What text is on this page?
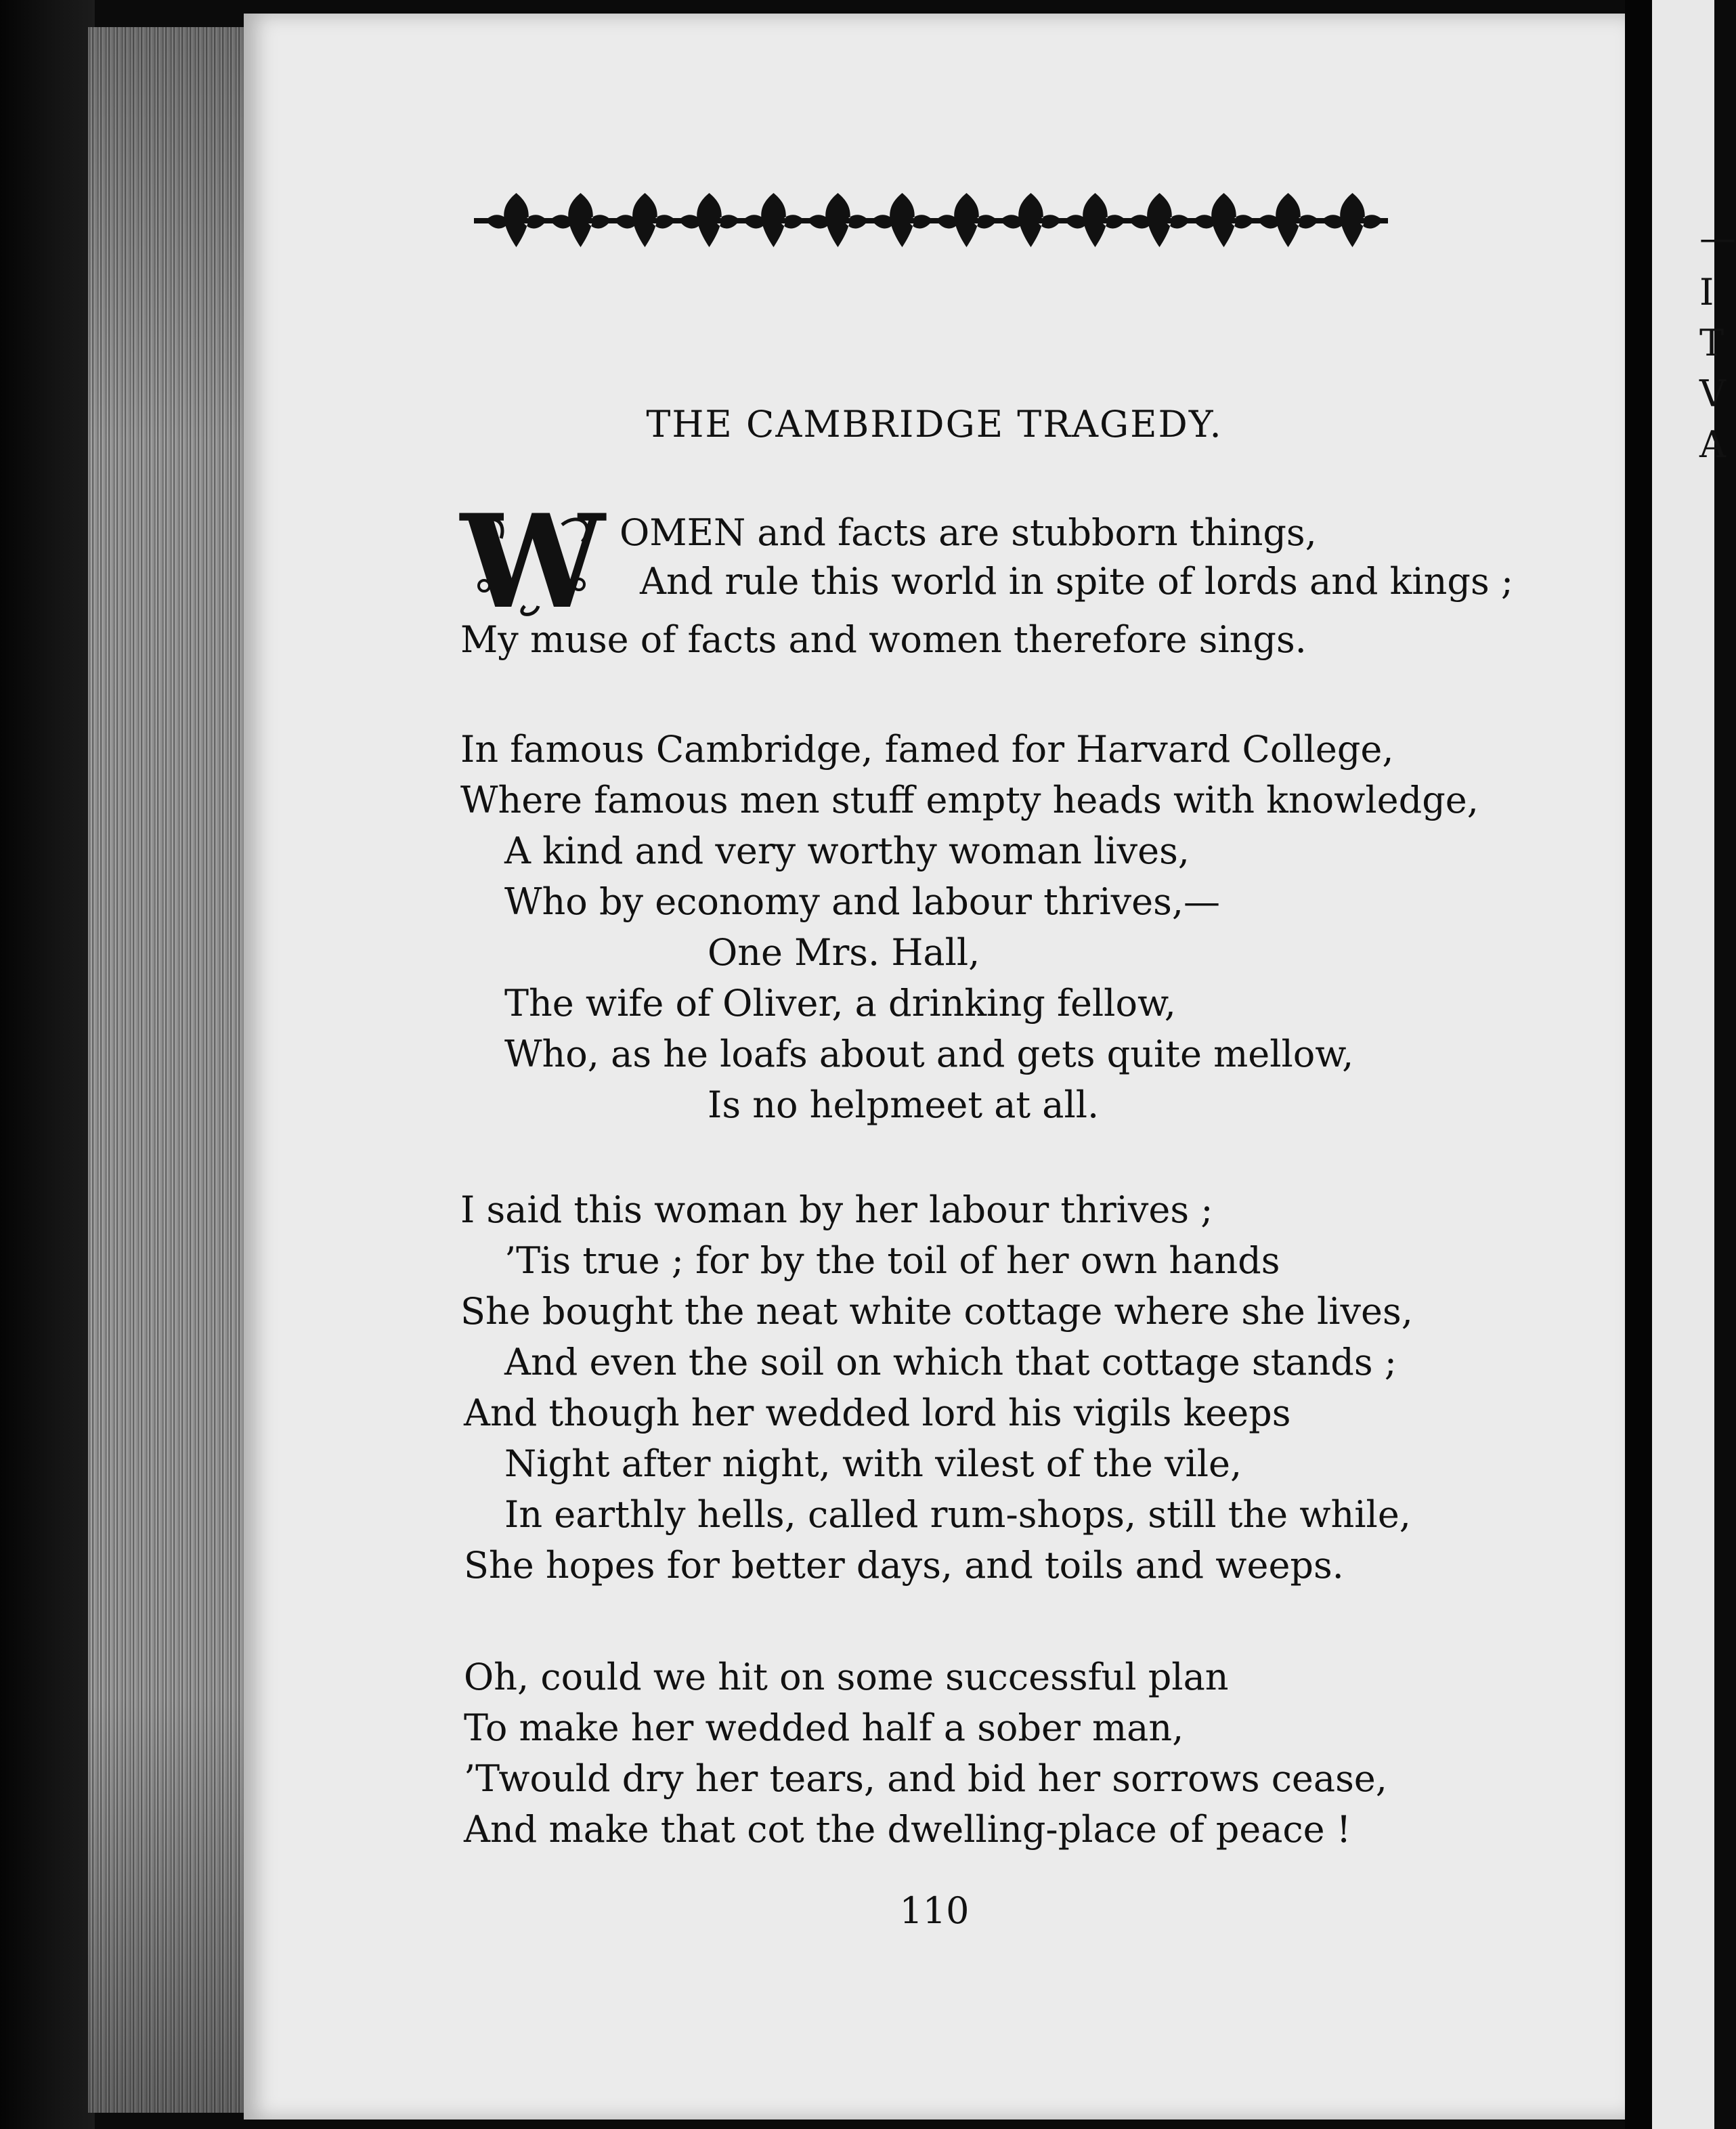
THE CAMBRIDGE TRAGEDY.
W OMEN and facts are stubborn things,
And rule this world in spite of lords and kings ;
My muse of facts and women therefore sings.
In famous Cambridge, famed for Harvard College,
Where famous men stuff empty heads with knowledge,
A kind and very worthy woman lives,
Who by economy and labour thrives,—
One Mrs. Hall,
The wife of Oliver, a drinking fellow,
Who, as he loafs about and gets quite mellow,
Is no helpmeet at all.
I said this woman by her labour thrives ;
’Tis true ; for by the toil of her own hands
She bought the neat white cottage where she lives,
And even the soil on which that cottage stands ;
And though her wedded lord his vigils keeps
Night after night, with vilest of the vile,
In earthly hells, called rum-shops, still the while,
She hopes for better days, and toils and weeps.
Oh, could we hit on some successful plan
To make her wedded half a sober man,
’Twould dry her tears, and bid her sorrows cease,
And make that cot the dwelling-place of peace !
110
—
I
T
V
A
